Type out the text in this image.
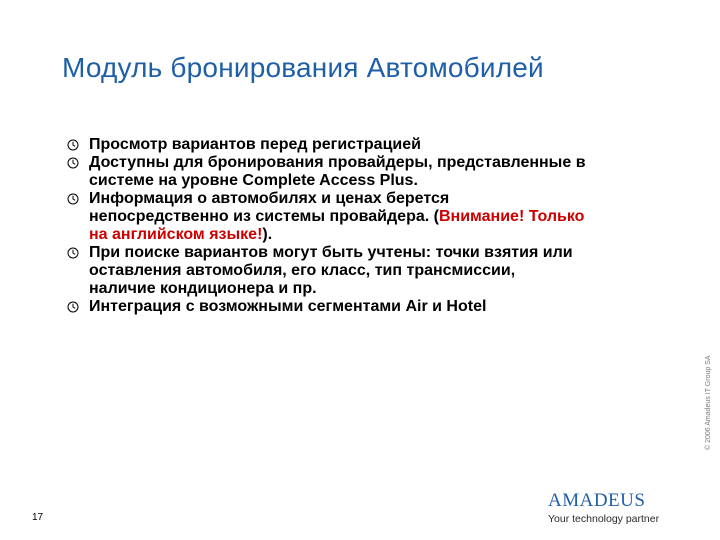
Модуль бронирования Автомобилей
Просмотр вариантов перед регистрацией
Доступны для бронирования провайдеры, представленные в системе на уровне Complete Access Plus.
Информация о автомобилях и ценах берется непосредственно из системы провайдера. (Внимание! Только на английском языке!).
При поиске вариантов могут быть учтены: точки взятия или оставления автомобиля, его класс, тип трансмиссии, наличие кондиционера и пр.
Интеграция с возможными сегментами Air и Hotel
© 2006 Amadeus IT Group SA
17
amadeus
Your technology partner
